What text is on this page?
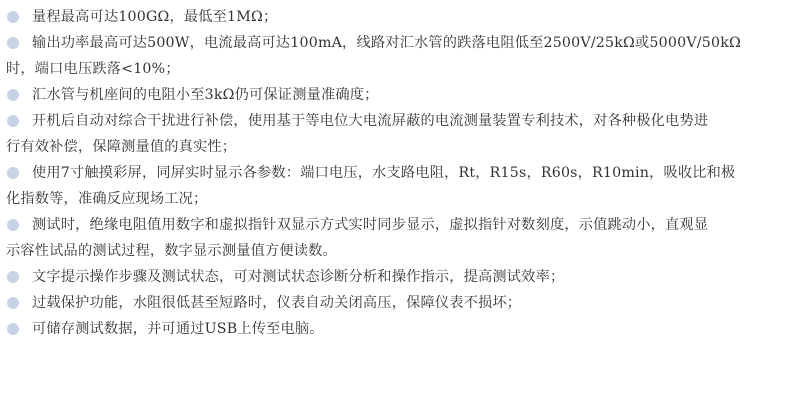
量程最高可达100GΩ，最低至1MΩ；
输出功率最高可达500W，电流最高可达100mA，线路对汇水管的跌落电阻低至2500V/25kΩ或5000V/50kΩ
时，端口电压跌落<10%；
汇水管与机座间的电阻小至3kΩ仍可保证测量准确度；
开机后自动对综合干扰进行补偿，使用基于等电位大电流屏蔽的电流测量装置专利技术，对各种极化电势进
行有效补偿，保障测量值的真实性；
使用7寸触摸彩屏，同屏实时显示各参数：端口电压，水支路电阻，Rt，R15s，R60s，R10min，吸收比和极
化指数等，准确反应现场工况；
测试时，绝缘电阻值用数字和虚拟指针双显示方式实时同步显示，虚拟指针对数刻度，示值跳动小，直观显
示容性试品的测试过程，数字显示测量值方便读数。
文字提示操作步骤及测试状态，可对测试状态诊断分析和操作指示，提高测试效率；
过载保护功能，水阻很低甚至短路时，仪表自动关闭高压，保障仪表不损坏；
可储存测试数据，并可通过USB上传至电脑。
